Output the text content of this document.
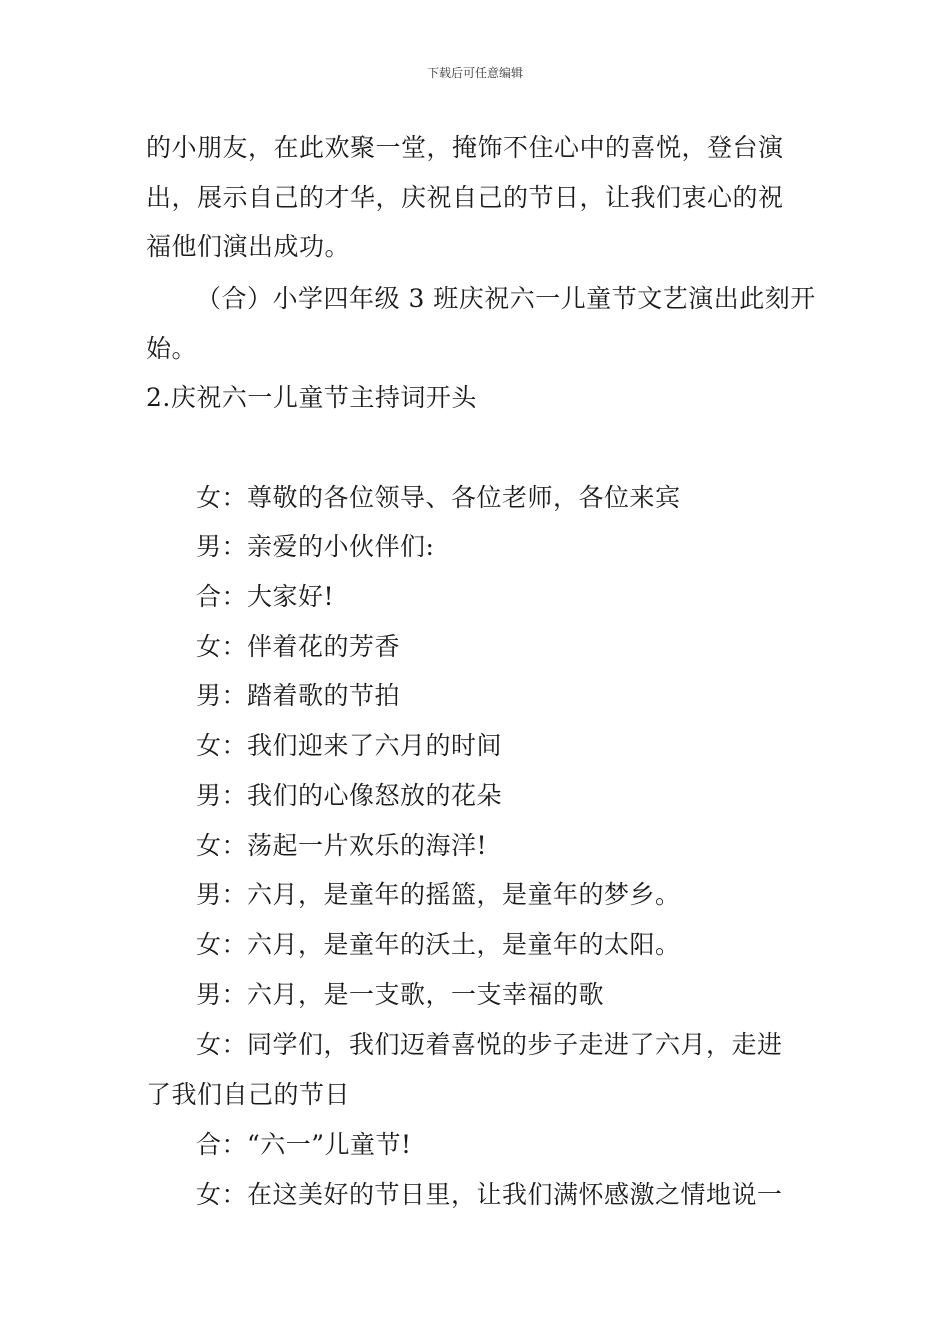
下载后可任意编辑
的小朋友，在此欢聚一堂，掩饰不住心中的喜悦，登台演
出，展示自己的才华，庆祝自己的节日，让我们衷心的祝
福他们演出成功。
（合）小学四年级 3 班庆祝六一儿童节文艺演出此刻开
始。
2.庆祝六一儿童节主持词开头
女：尊敬的各位领导、各位老师，各位来宾
男：亲爱的小伙伴们:
合：大家好!
女：伴着花的芳香
男：踏着歌的节拍
女：我们迎来了六月的时间
男：我们的心像怒放的花朵
女：荡起一片欢乐的海洋!
男：六月，是童年的摇篮，是童年的梦乡。
女：六月，是童年的沃土，是童年的太阳。
男：六月，是一支歌，一支幸福的歌
女：同学们，我们迈着喜悦的步子走进了六月，走进
了我们自己的节日
合：“六一”儿童节!
女：在这美好的节日里，让我们满怀感激之情地说一
